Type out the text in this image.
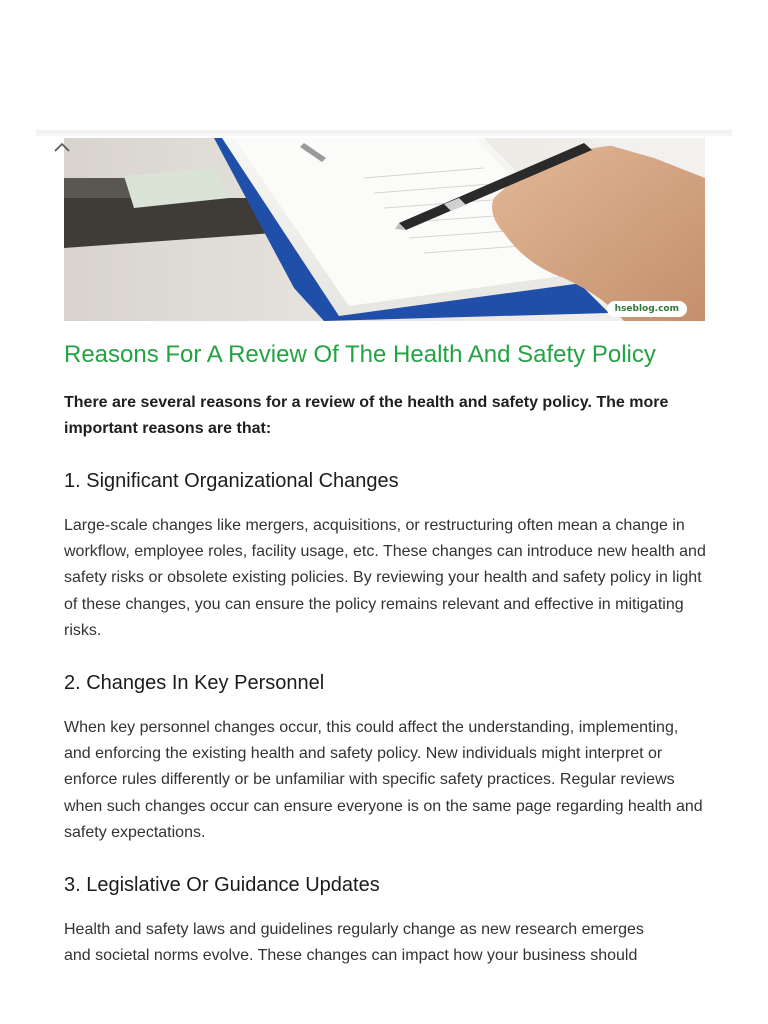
hseblog.com
Reasons For A Review Of The Health And Safety Policy

There are several reasons for a review of the health and safety policy. The more important reasons are that:

1. Significant Organizational Changes

Large-scale changes like mergers, acquisitions, or restructuring often mean a change in workflow, employee roles, facility usage, etc. These changes can introduce new health and safety risks or obsolete existing policies. By reviewing your health and safety policy in light of these changes, you can ensure the policy remains relevant and effective in mitigating risks.

2. Changes In Key Personnel

When key personnel changes occur, this could affect the understanding, implementing, and enforcing the existing health and safety policy. New individuals might interpret or enforce rules differently or be unfamiliar with specific safety practices. Regular reviews when such changes occur can ensure everyone is on the same page regarding health and safety expectations.

3. Legislative Or Guidance Updates

Health and safety laws and guidelines regularly change as new research emerges and societal norms evolve. These changes can impact how your business should
